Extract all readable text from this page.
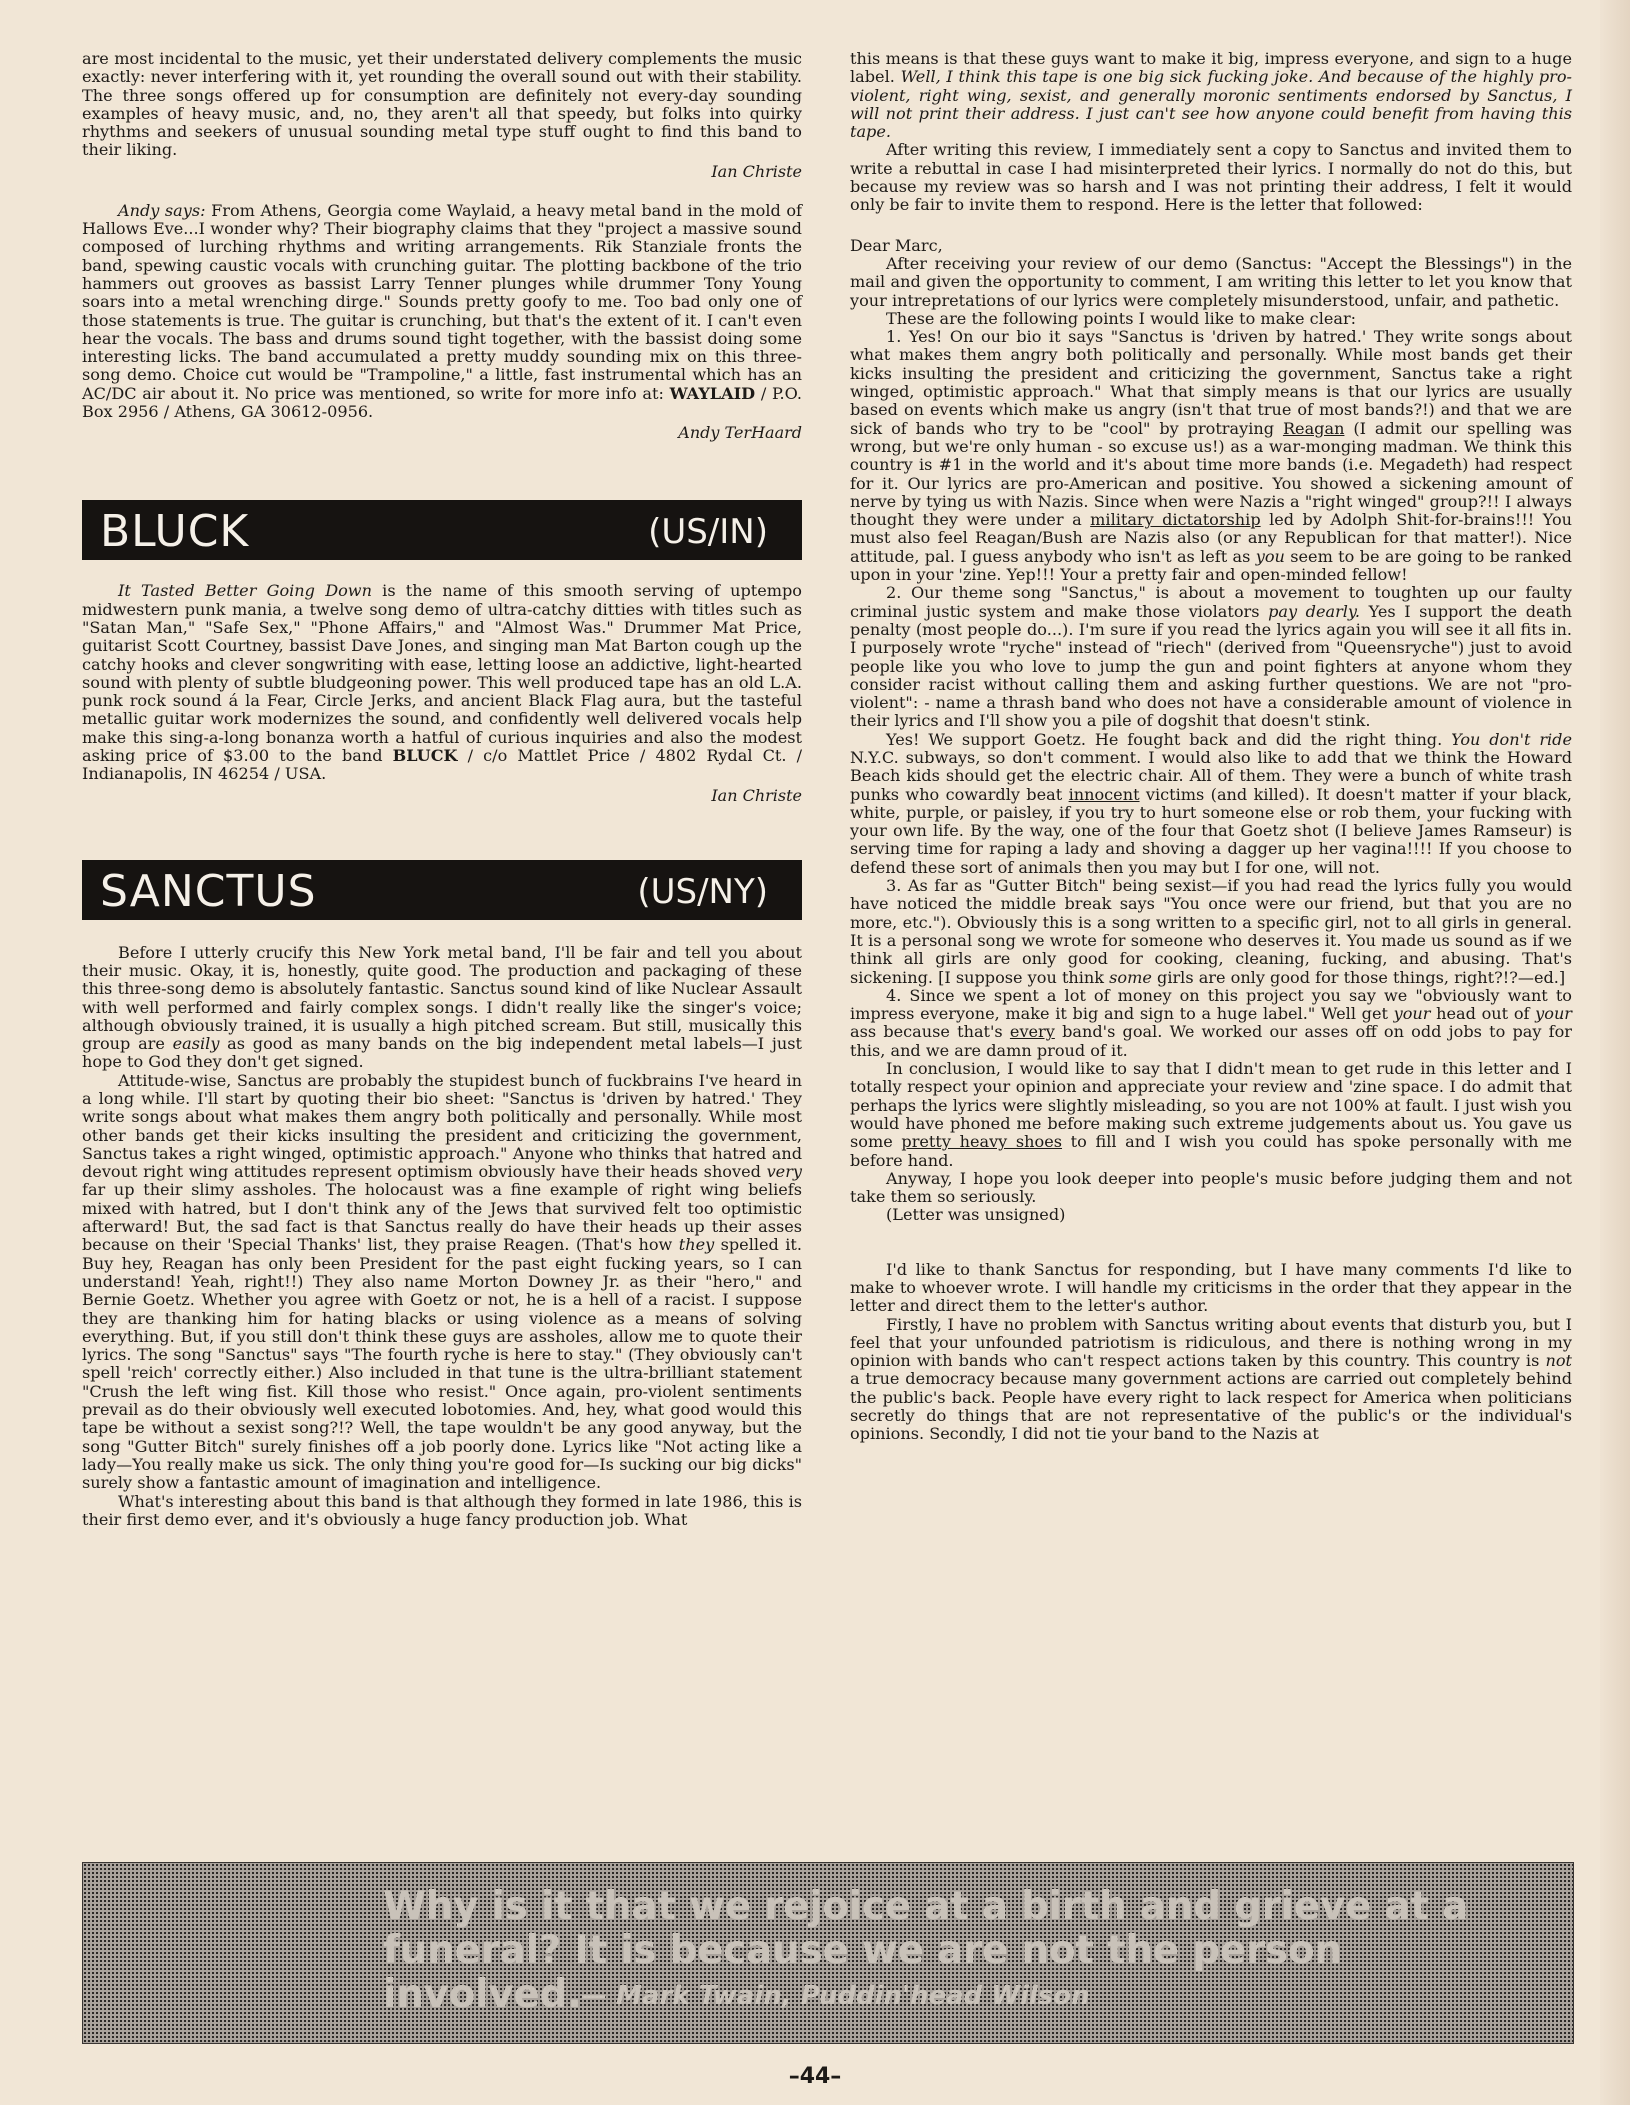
are most incidental to the music, yet their understated delivery complements the music exactly: never interfering with it, yet rounding the overall sound out with their stability. The three songs offered up for consumption are definitely not every-day sounding examples of heavy music, and, no, they aren't all that speedy, but folks into quirky rhythms and seekers of unusual sounding metal type stuff ought to find this band to their liking.

Ian Christe

Andy says: From Athens, Georgia come Waylaid, a heavy metal band in the mold of Hallows Eve...I wonder why? Their biography claims that they "project a massive sound composed of lurching rhythms and writing arrangements. Rik Stanziale fronts the band, spewing caustic vocals with crunching guitar. The plotting backbone of the trio hammers out grooves as bassist Larry Tenner plunges while drummer Tony Young soars into a metal wrenching dirge." Sounds pretty goofy to me. Too bad only one of those statements is true. The guitar is crunching, but that's the extent of it. I can't even hear the vocals. The bass and drums sound tight together, with the bassist doing some interesting licks. The band accumulated a pretty muddy sounding mix on this three-song demo. Choice cut would be "Trampoline," a little, fast instrumental which has an AC/DC air about it. No price was mentioned, so write for more info at: WAYLAID / P.O. Box 2956 / Athens, GA 30612-0956.

Andy TerHaard
BLUCK	(US/IN)

It Tasted Better Going Down is the name of this smooth serving of uptempo midwestern punk mania, a twelve song demo of ultra-catchy ditties with titles such as "Satan Man," "Safe Sex," "Phone Affairs," and "Almost Was." Drummer Mat Price, guitarist Scott Courtney, bassist Dave Jones, and singing man Mat Barton cough up the catchy hooks and clever songwriting with ease, letting loose an addictive, light-hearted sound with plenty of subtle bludgeoning power. This well produced tape has an old L.A. punk rock sound á la Fear, Circle Jerks, and ancient Black Flag aura, but the tasteful metallic guitar work modernizes the sound, and confidently well delivered vocals help make this sing-a-long bonanza worth a hatful of curious inquiries and also the modest asking price of $3.00 to the band BLUCK / c/o Mattlet Price / 4802 Rydal Ct. / Indianapolis, IN 46254 / USA.

Ian Christe
SANCTUS	(US/NY)

Before I utterly crucify this New York metal band, I'll be fair and tell you about their music. Okay, it is, honestly, quite good. The production and packaging of these this three-song demo is absolutely fantastic. Sanctus sound kind of like Nuclear Assault with well performed and fairly complex songs. I didn't really like the singer's voice; although obviously trained, it is usually a high pitched scream. But still, musically this group are easily as good as many bands on the big independent metal labels—I just hope to God they don't get signed.

Attitude-wise, Sanctus are probably the stupidest bunch of fuckbrains I've heard in a long while. I'll start by quoting their bio sheet: "Sanctus is 'driven by hatred.' They write songs about what makes them angry both politically and personally. While most other bands get their kicks insulting the president and criticizing the government, Sanctus takes a right winged, optimistic approach." Anyone who thinks that hatred and devout right wing attitudes represent optimism obviously have their heads shoved very far up their slimy assholes. The holocaust was a fine example of right wing beliefs mixed with hatred, but I don't think any of the Jews that survived felt too optimistic afterward! But, the sad fact is that Sanctus really do have their heads up their asses because on their 'Special Thanks' list, they praise Reagen. (That's how they spelled it. Buy hey, Reagan has only been President for the past eight fucking years, so I can understand! Yeah, right!!) They also name Morton Downey Jr. as their "hero," and Bernie Goetz. Whether you agree with Goetz or not, he is a hell of a racist. I suppose they are thanking him for hating blacks or using violence as a means of solving everything. But, if you still don't think these guys are assholes, allow me to quote their lyrics. The song "Sanctus" says "The fourth ryche is here to stay." (They obviously can't spell 'reich' correctly either.) Also included in that tune is the ultra-brilliant statement "Crush the left wing fist. Kill those who resist." Once again, pro-violent sentiments prevail as do their obviously well executed lobotomies. And, hey, what good would this tape be without a sexist song?!? Well, the tape wouldn't be any good anyway, but the song "Gutter Bitch" surely finishes off a job poorly done. Lyrics like "Not acting like a lady—You really make us sick. The only thing you're good for—Is sucking our big dicks" surely show a fantastic amount of imagination and intelligence.

What's interesting about this band is that although they formed in late 1986, this is their first demo ever, and it's obviously a huge fancy production job. What

this means is that these guys want to make it big, impress everyone, and sign to a huge label. Well, I think this tape is one big sick fucking joke. And because of the highly pro-violent, right wing, sexist, and generally moronic sentiments endorsed by Sanctus, I will not print their address. I just can't see how anyone could benefit from having this tape.

After writing this review, I immediately sent a copy to Sanctus and invited them to write a rebuttal in case I had misinterpreted their lyrics. I normally do not do this, but because my review was so harsh and I was not printing their address, I felt it would only be fair to invite them to respond. Here is the letter that followed:

Dear Marc,

After receiving your review of our demo (Sanctus: "Accept the Blessings") in the mail and given the opportunity to comment, I am writing this letter to let you know that your intrepretations of our lyrics were completely misunderstood, unfair, and pathetic.

These are the following points I would like to make clear:

1. Yes! On our bio it says "Sanctus is 'driven by hatred.' They write songs about what makes them angry both politically and personally. While most bands get their kicks insulting the president and criticizing the government, Sanctus take a right winged, optimistic approach." What that simply means is that our lyrics are usually based on events which make us angry (isn't that true of most bands?!) and that we are sick of bands who try to be "cool" by protraying Reagan (I admit our spelling was wrong, but we're only human - so excuse us!) as a war-monging madman. We think this country is #1 in the world and it's about time more bands (i.e. Megadeth) had respect for it. Our lyrics are pro-American and positive. You showed a sickening amount of nerve by tying us with Nazis. Since when were Nazis a "right winged" group?!! I always thought they were under a military dictatorship led by Adolph Shit-for-brains!!! You must also feel Reagan/Bush are Nazis also (or any Republican for that matter!). Nice attitude, pal. I guess anybody who isn't as left as you seem to be are going to be ranked upon in your 'zine. Yep!!! Your a pretty fair and open-minded fellow!

2. Our theme song "Sanctus," is about a movement to toughten up our faulty criminal justic system and make those violators pay dearly. Yes I support the death penalty (most people do...). I'm sure if you read the lyrics again you will see it all fits in. I purposely wrote "ryche" instead of "riech" (derived from "Queensryche") just to avoid people like you who love to jump the gun and point fighters at anyone whom they consider racist without calling them and asking further questions. We are not "pro-violent": - name a thrash band who does not have a considerable amount of violence in their lyrics and I'll show you a pile of dogshit that doesn't stink.

Yes! We support Goetz. He fought back and did the right thing. You don't ride N.Y.C. subways, so don't comment. I would also like to add that we think the Howard Beach kids should get the electric chair. All of them. They were a bunch of white trash punks who cowardly beat innocent victims (and killed). It doesn't matter if your black, white, purple, or paisley, if you try to hurt someone else or rob them, your fucking with your own life. By the way, one of the four that Goetz shot (I believe James Ramseur) is serving time for raping a lady and shoving a dagger up her vagina!!!! If you choose to defend these sort of animals then you may but I for one, will not.

3. As far as "Gutter Bitch" being sexist—if you had read the lyrics fully you would have noticed the middle break says "You once were our friend, but that you are no more, etc."). Obviously this is a song written to a specific girl, not to all girls in general. It is a personal song we wrote for someone who deserves it. You made us sound as if we think all girls are only good for cooking, cleaning, fucking, and abusing. That's sickening. [I suppose you think some girls are only good for those things, right?!?—ed.]

4. Since we spent a lot of money on this project you say we "obviously want to impress everyone, make it big and sign to a huge label." Well get your head out of your ass because that's every band's goal. We worked our asses off on odd jobs to pay for this, and we are damn proud of it.

In conclusion, I would like to say that I didn't mean to get rude in this letter and I totally respect your opinion and appreciate your review and 'zine space. I do admit that perhaps the lyrics were slightly misleading, so you are not 100% at fault. I just wish you would have phoned me before making such extreme judgements about us. You gave us some pretty heavy shoes to fill and I wish you could has spoke personally with me before hand.

Anyway, I hope you look deeper into people's music before judging them and not take them so seriously.

(Letter was unsigned)

I'd like to thank Sanctus for responding, but I have many comments I'd like to make to whoever wrote. I will handle my criticisms in the order that they appear in the letter and direct them to the letter's author.

Firstly, I have no problem with Sanctus writing about events that disturb you, but I feel that your unfounded patriotism is ridiculous, and there is nothing wrong in my opinion with bands who can't respect actions taken by this country. This country is not a true democracy because many government actions are carried out completely behind the public's back. People have every right to lack respect for America when politicians secretly do things that are not representative of the public's or the individual's opinions. Secondly, I did not tie your band to the Nazis at

Why is it that we rejoice at a birth and grieve at a funeral? It is because we are not the person involved. — Mark Twain, Puddin'head Wilson
–44–
